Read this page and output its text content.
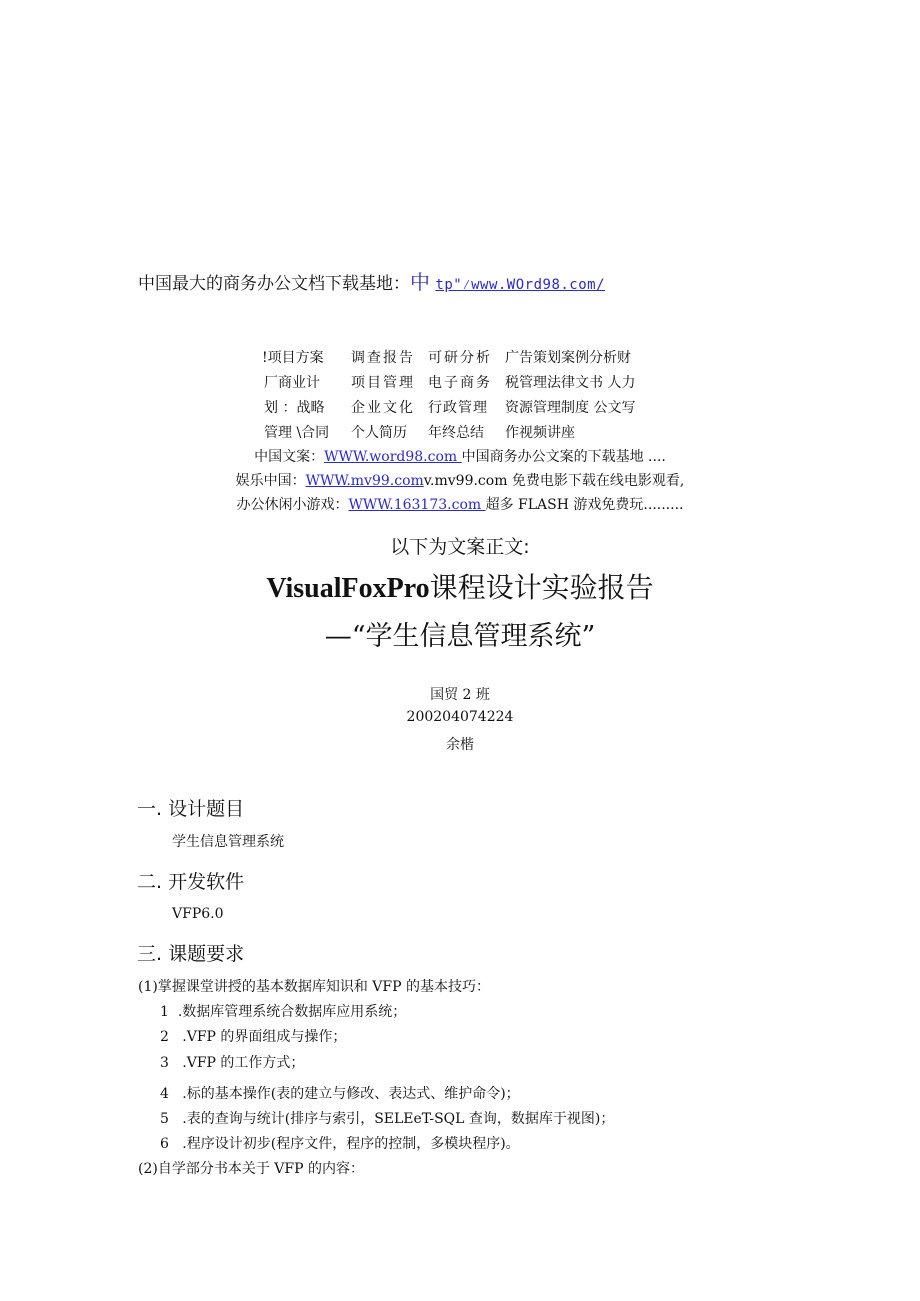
中国最大的商务办公文档下载基地：中 tp"⁄www.WOrd98.com/
!项目方案 调查报告 可研分析 广告策划案例分析财
厂商业计 项目管理 电子商务 税管理法律文书 人力
划 ：战略 企业文化 行政管理 资源管理制度 公文写
管理 \合同 个人简历 年终总结 作视频讲座
中国文案：WWW.word98.com 中国商务办公文案的下载基地 ....
娱乐中国：WWW.mv99.comv.mv99.com 免费电影下载在线电影观看,
办公休闲小游戏：WWW.163173.com 超多 FLASH 游戏免费玩.........
以下为文案正文:
VisualFoxPro课程设计实验报告
—“学生信息管理系统”
国贸 2 班
200204074224
余楷
一. 设计题目
学生信息管理系统
二. 开发软件
VFP6.0
三. 课题要求
(1)掌握课堂讲授的基本数据库知识和 VFP 的基本技巧：
1 .数据库管理系统合数据库应用系统；
2 .VFP 的界面组成与操作；
3 .VFP 的工作方式；
4 .标的基本操作(表的建立与修改、表达式、维护命令)；
5 .表的查询与统计(排序与索引，SELEeT-SQL 查询，数据库于视图)；
6 .程序设计初步(程序文件，程序的控制，多模块程序)。
(2)自学部分书本关于 VFP 的内容：
